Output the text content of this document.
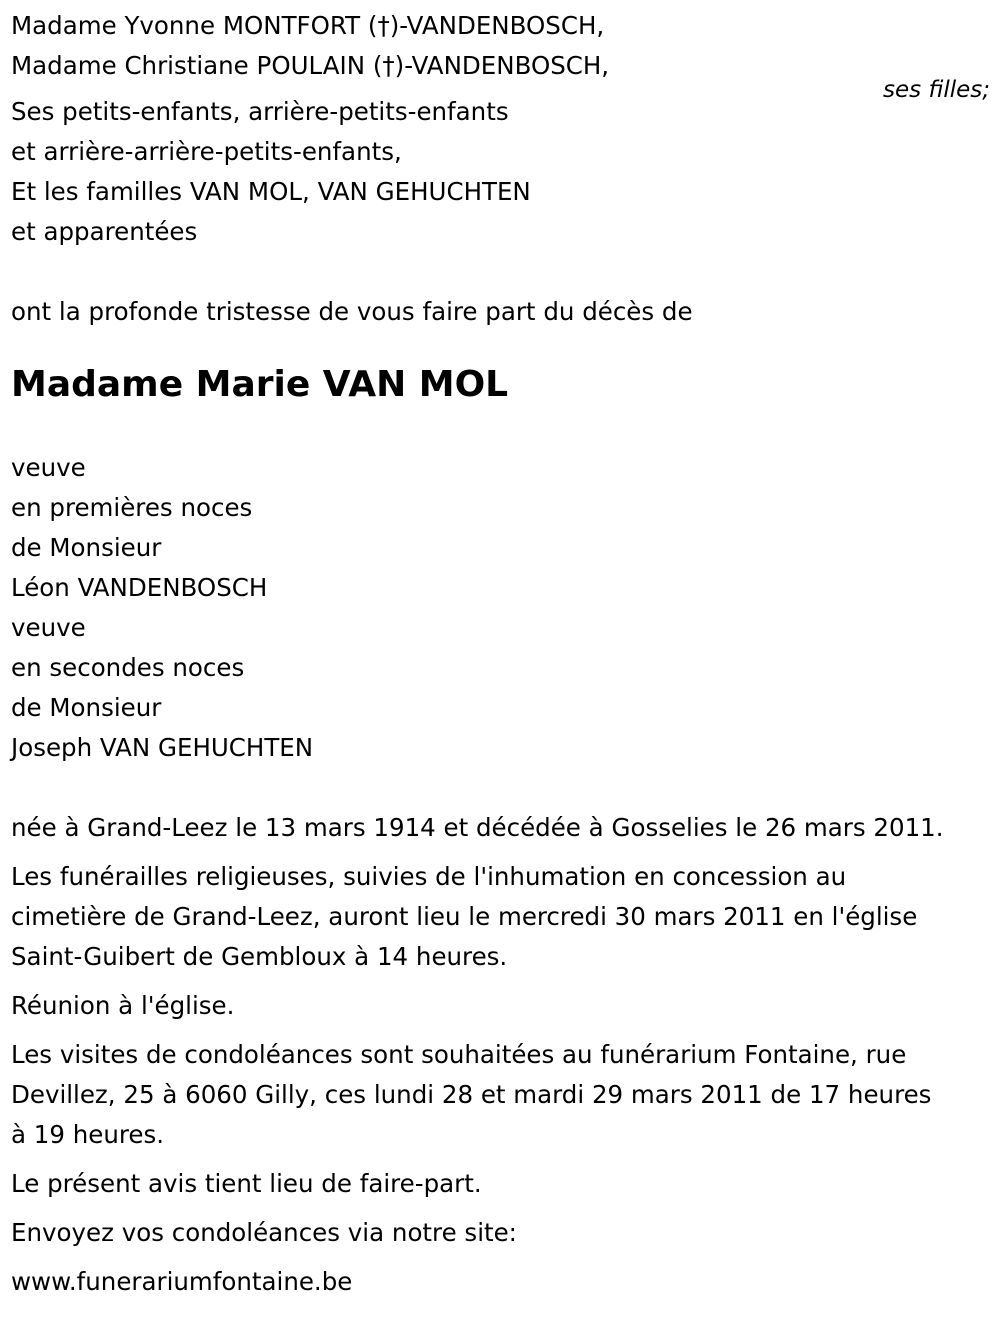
Madame Yvonne MONTFORT (†)-VANDENBOSCH,
Madame Christiane POULAIN (†)-VANDENBOSCH,
Ses petits-enfants, arrière-petits-enfants
et arrière-arrière-petits-enfants,
Et les familles VAN MOL, VAN GEHUCHTEN
et apparentées
ont la profonde tristesse de vous faire part du décès de
Madame Marie VAN MOL
veuve
en premières noces
de Monsieur
Léon VANDENBOSCH
veuve
en secondes noces
de Monsieur
Joseph VAN GEHUCHTEN
née à Grand-Leez le 13 mars 1914 et décédée à Gosselies le 26 mars 2011.
Les funérailles religieuses, suivies de l'inhumation en concession au
cimetière de Grand-Leez, auront lieu le mercredi 30 mars 2011 en l'église
Saint-Guibert de Gembloux à 14 heures.
Réunion à l'église.
Les visites de condoléances sont souhaitées au funérarium Fontaine, rue
Devillez, 25 à 6060 Gilly, ces lundi 28 et mardi 29 mars 2011 de 17 heures
à 19 heures.
Le présent avis tient lieu de faire-part.
Envoyez vos condoléances via notre site:
www.funerariumfontaine.be
ses filles;
